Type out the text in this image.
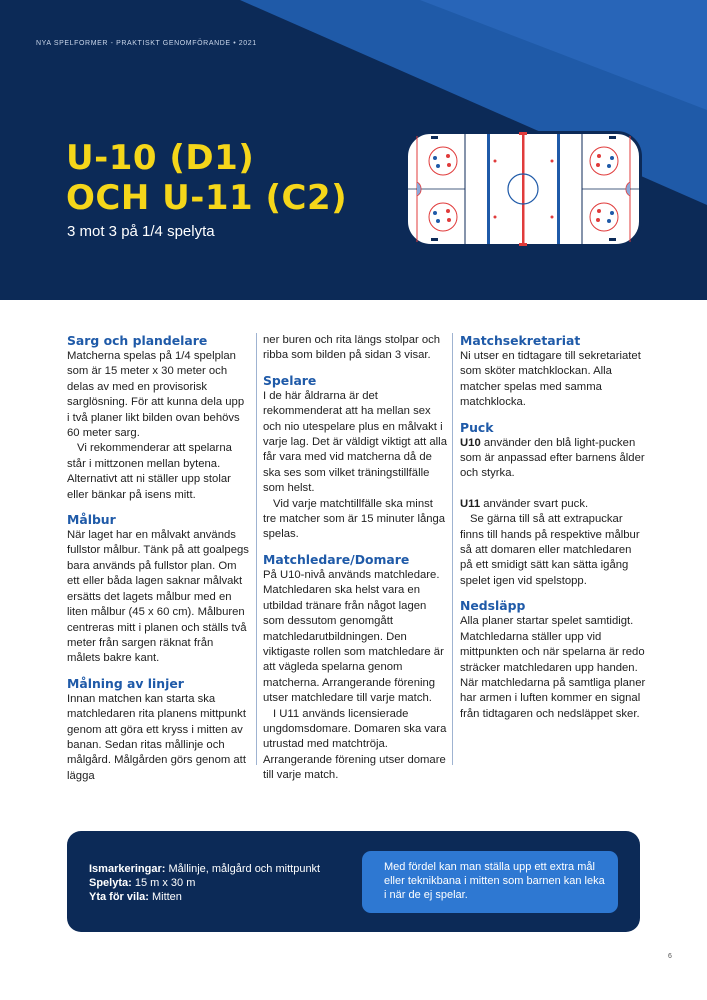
NYA SPELFORMER - PRAKTISKT GENOMFÖRANDE • 2021
U-10 (D1)
OCH U-11 (C2)
3 mot 3 på 1/4 spelyta
Sarg och plandelare

Matcherna spelas på 1/4 spelplan som är 15 meter x 30 meter och delas av med en provisorisk sarglösning. För att kunna dela upp i två planer likt bilden ovan behövs 60 meter sarg.

Vi rekommenderar att spelarna står i mittzonen mellan bytena. Alternativt att ni ställer upp stolar eller bänkar på isens mitt.

Målbur

När laget har en målvakt används fullstor målbur. Tänk på att goalpegs bara används på fullstor plan. Om ett eller båda lagen saknar målvakt ersätts det lagets målbur med en liten målbur (45 x 60 cm). Målburen centreras mitt i planen och ställs två meter från sargen räknat från målets bakre kant.

Målning av linjer

Innan matchen kan starta ska matchledaren rita planens mittpunkt genom att göra ett kryss i mitten av banan. Sedan ritas mållinje och målgård. Målgården görs genom att lägga

ner buren och rita längs stolpar och ribba som bilden på sidan 3 visar.

Spelare

I de här åldrarna är det rekommenderat att ha mellan sex och nio utespelare plus en målvakt i varje lag. Det är väldigt viktigt att alla får vara med vid matcherna då de ska ses som vilket träningstillfälle som helst.

Vid varje matchtillfälle ska minst tre matcher som är 15 minuter långa spelas.

Matchledare/Domare

På U10-nivå används matchledare. Matchledaren ska helst vara en utbildad tränare från något lagen som dessutom genomgått matchledarutbildningen. Den viktigaste rollen som matchledare är att vägleda spelarna genom matcherna. Arrangerande förening utser matchledare till varje match.

I U11 används licensierade ungdomsdomare. Domaren ska vara utrustad med matchtröja. Arrangerande förening utser domare till varje match.

Matchsekretariat

Ni utser en tidtagare till sekretariatet som sköter matchklockan. Alla matcher spelas med samma matchklocka.

Puck

U10 använder den blå light-pucken som är anpassad efter barnens ålder och styrka.

U11 använder svart puck.

Se gärna till så att extrapuckar finns till hands på respektive målbur så att domaren eller matchledaren på ett smidigt sätt kan sätta igång spelet igen vid spelstopp.

Nedsläpp

Alla planer startar spelet samtidigt. Matchledarna ställer upp vid mittpunkten och när spelarna är redo sträcker matchledaren upp handen. När matchledarna på samtliga planer har armen i luften kommer en signal från tidtagaren och nedsläppet sker.

Ismarkeringar: Mållinje, målgård och mittpunkt
Spelyta: 15 m x 30 m
Yta för vila: Mitten
Med fördel kan man ställa upp ett extra mål eller teknikbana i mitten som barnen kan leka i när de ej spelar.
6
